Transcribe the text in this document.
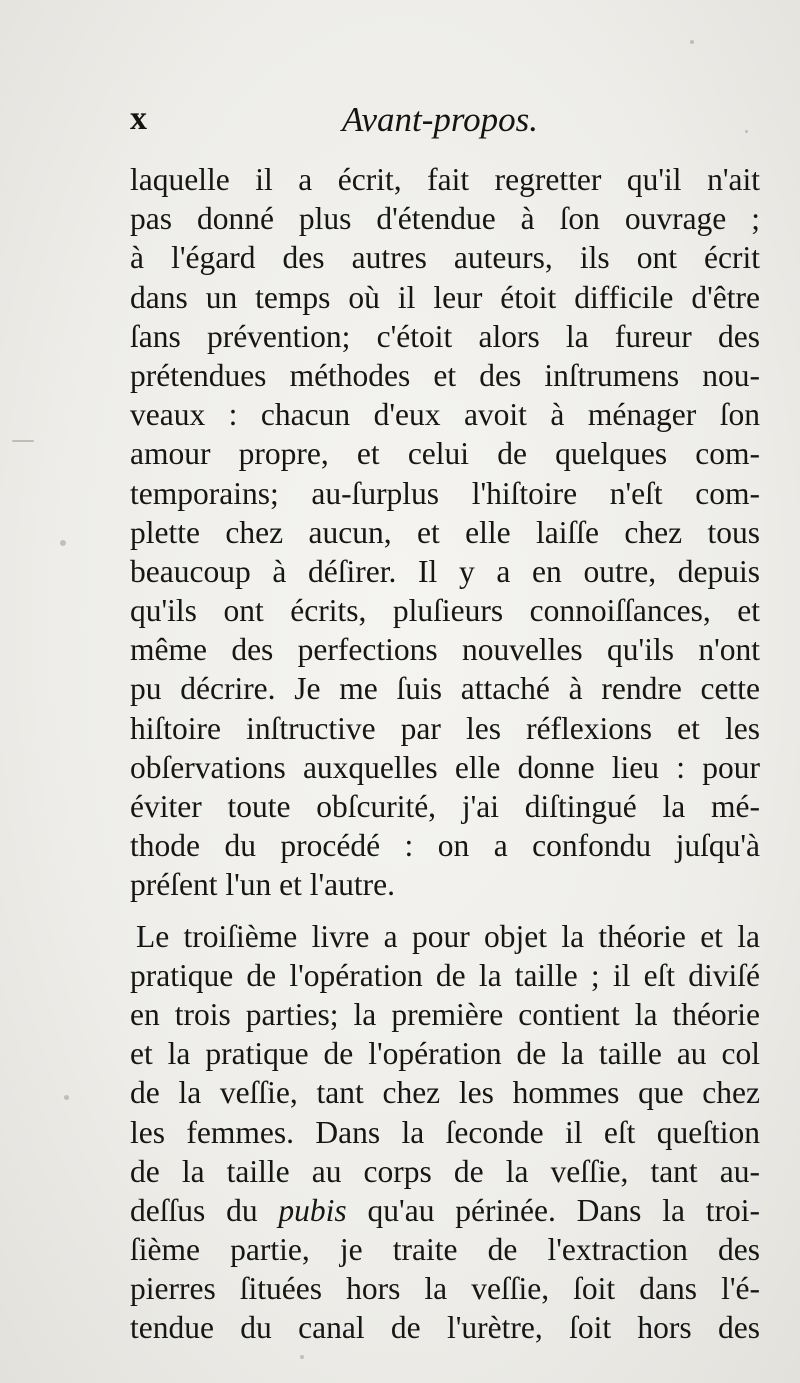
x	Avant-propos.
laquelle il a écrit, fait regretter qu'il n'ait
pas donné plus d'étendue à ſon ouvrage ;
à l'égard des autres auteurs, ils ont écrit
dans un temps où il leur étoit difficile d'être
ſans prévention; c'étoit alors la fureur des
prétendues méthodes et des inſtrumens nou-
veaux : chacun d'eux avoit à ménager ſon
amour propre, et celui de quelques com-
temporains; au-ſurplus l'hiſtoire n'eſt com-
plette chez aucun, et elle laiſſe chez tous
beaucoup à déſirer. Il y a en outre, depuis
qu'ils ont écrits, pluſieurs connoiſſances, et
même des perfections nouvelles qu'ils n'ont
pu décrire. Je me ſuis attaché à rendre cette
hiſtoire inſtructive par les réflexions et les
obſervations auxquelles elle donne lieu : pour
éviter toute obſcurité, j'ai diſtingué la mé-
thode du procédé : on a confondu juſqu'à
préſent l'un et l'autre.
Le troiſième livre a pour objet la théorie et la
pratique de l'opération de la taille ; il eſt diviſé
en trois parties; la première contient la théorie
et la pratique de l'opération de la taille au col
de la veſſie, tant chez les hommes que chez
les femmes. Dans la ſeconde il eſt queſtion
de la taille au corps de la veſſie, tant au-
deſſus du pubis qu'au périnée. Dans la troi-
ſième partie, je traite de l'extraction des
pierres ſituées hors la veſſie, ſoit dans l'é-
tendue du canal de l'urètre, ſoit hors des
